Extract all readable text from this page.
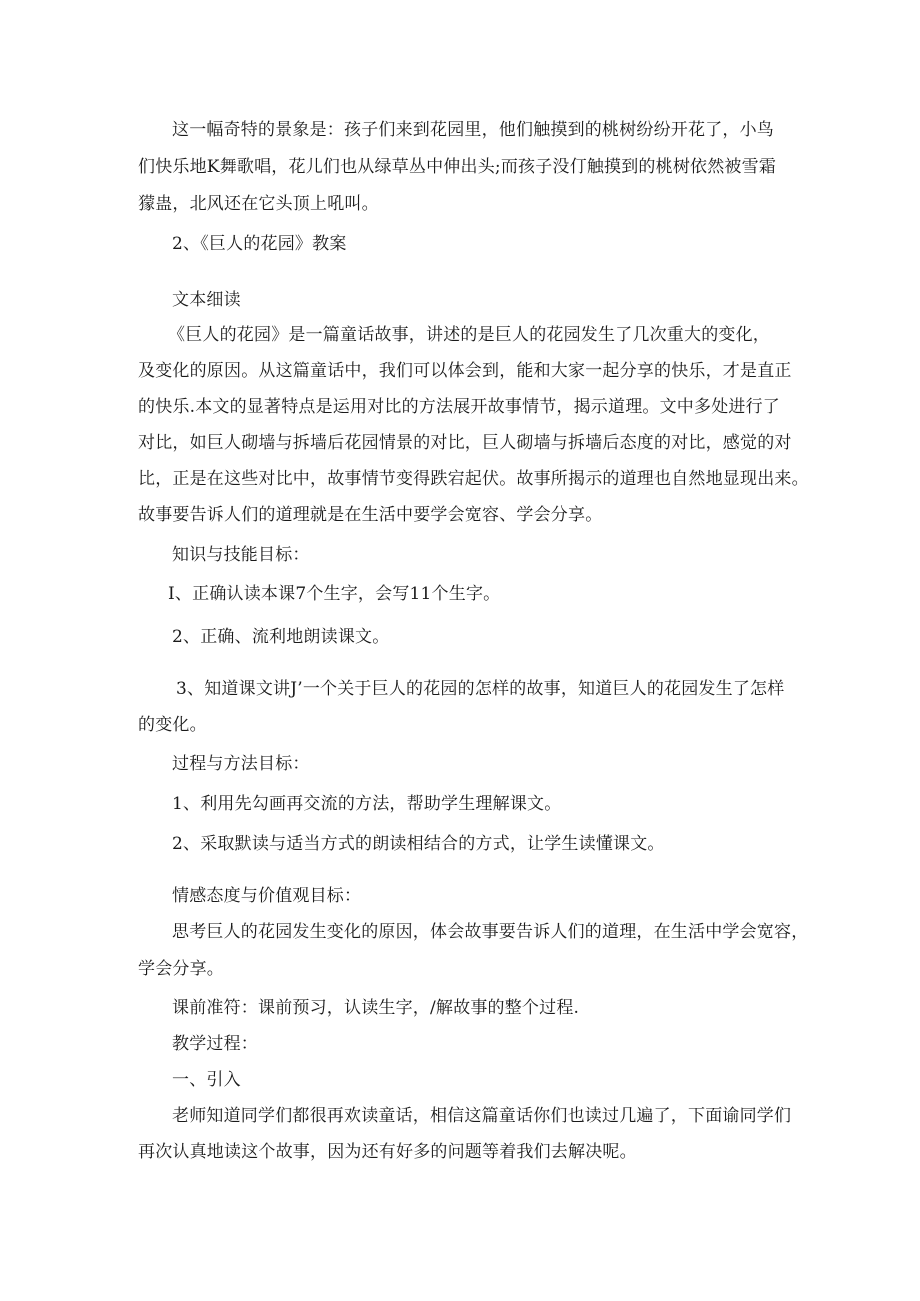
这一幅奇特的景象是：孩子们来到花园里，他们触摸到的桃树纷纷开花了，小鸟
们快乐地K舞歌唱，花儿们也从绿草丛中伸出头;而孩子没仃触摸到的桃树依然被雪霜
獴蛊，北风还在它头顶上吼叫。
2、《巨人的花园》教案
文本细读
《巨人的花园》是一篇童话故事，讲述的是巨人的花园发生了几次重大的变化，
及变化的原因。从这篇童话中，我们可以体会到，能和大家一起分享的快乐，才是直正
的快乐.本文的显著特点是运用对比的方法展开故事情节，揭示道理。文中多处进行了
对比，如巨人砌墙与拆墙后花园情景的对比，巨人砌墙与拆墙后态度的对比，感觉的对
比，正是在这些对比中，故事情节变得跌宕起伏。故事所揭示的道理也自然地显现出来。
故事要告诉人们的道理就是在生活中要学会宽容、学会分享。
知识与技能目标：
I、正确认读本课7个生字，会写11个生字。
2、正确、流利地朗读课文。
3、知道课文讲J’一个关于巨人的花园的怎样的故事，知道巨人的花园发生了怎样
的变化。
过程与方法目标：
1、利用先勾画再交流的方法，帮助学生理解课文。
2、采取默读与适当方式的朗读相结合的方式，让学生读懂课文。
情感态度与价值观目标：
思考巨人的花园发生变化的原因，体会故事要告诉人们的道理，在生活中学会宽容，
学会分享。
课前准符：课前预习，认读生字，/解故事的整个过程.
教学过程：
一、引入
老师知道同学们都很再欢读童话，相信这篇童话你们也读过几遍了，下面谕同学们
再次认真地读这个故事，因为还有好多的问题等着我们去解决呢。
